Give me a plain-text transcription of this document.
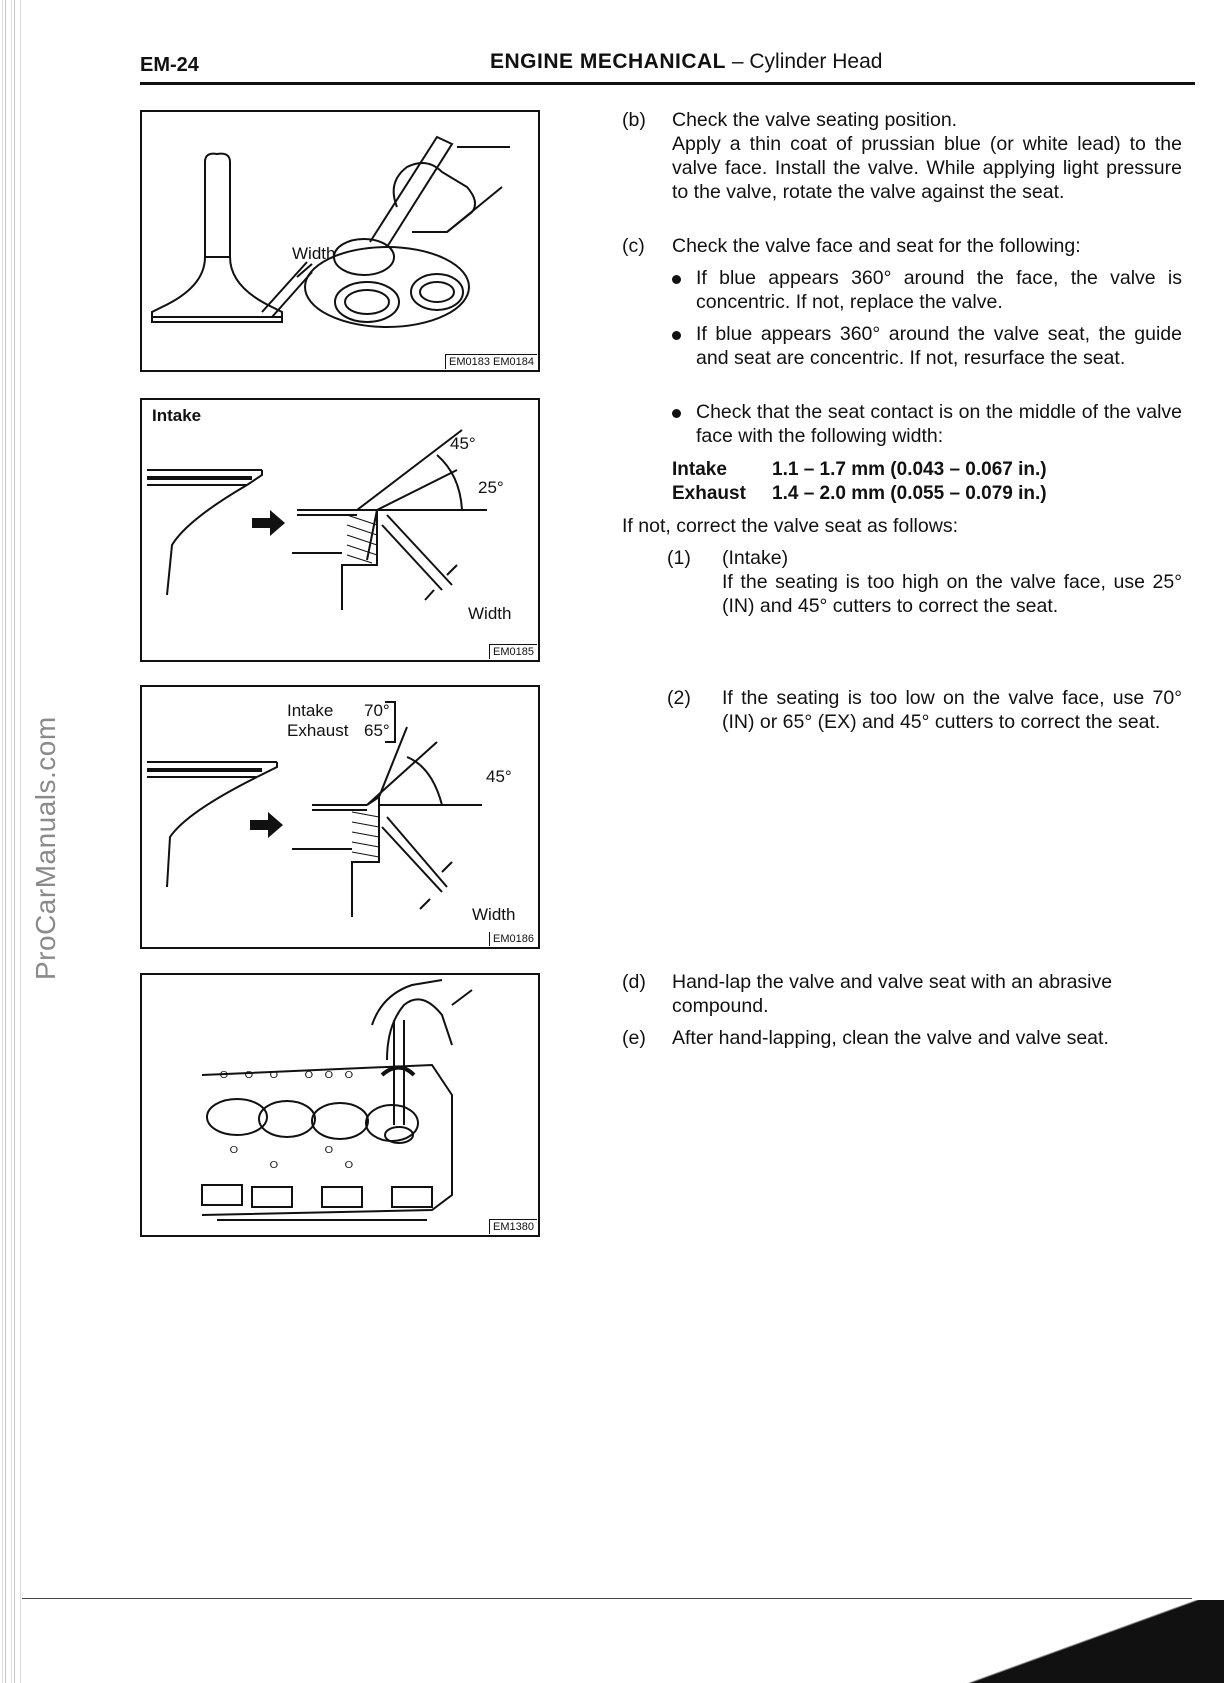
ProCarManuals.com
EM-24	ENGINE MECHANICAL – Cylinder Head
Width
EM0183 EM0184
Intake
45°
25°
Width
EM0185
Intake 70°
Exhaust 65°
45°
Width
EM0186
ㅇ ㅇ ㅇ ㅇ ㅇ ㅇ
ㅇ	ㅇ
ㅇ	ㅇ
EM1380
(b) Check the valve seating position.
Apply a thin coat of prussian blue (or white lead) to the valve face. Install the valve. While applying light pressure to the valve, rotate the valve against the seat.
(c) Check the valve face and seat for the following:
If blue appears 360° around the face, the valve is concentric. If not, replace the valve.
If blue appears 360° around the valve seat, the guide and seat are concentric. If not, resurface the seat.
Check that the seat contact is on the middle of the valve face with the following width:
Intake 1.1 – 1.7 mm (0.043 – 0.067 in.)
Exhaust 1.4 – 2.0 mm (0.055 – 0.079 in.)
If not, correct the valve seat as follows:
(1) (Intake)
If the seating is too high on the valve face, use 25° (IN) and 45° cutters to correct the seat.
(2) If the seating is too low on the valve face, use 70° (IN) or 65° (EX) and 45° cutters to correct the seat.
(d) Hand-lap the valve and valve seat with an abrasive compound.
(e) After hand-lapping, clean the valve and valve seat.
